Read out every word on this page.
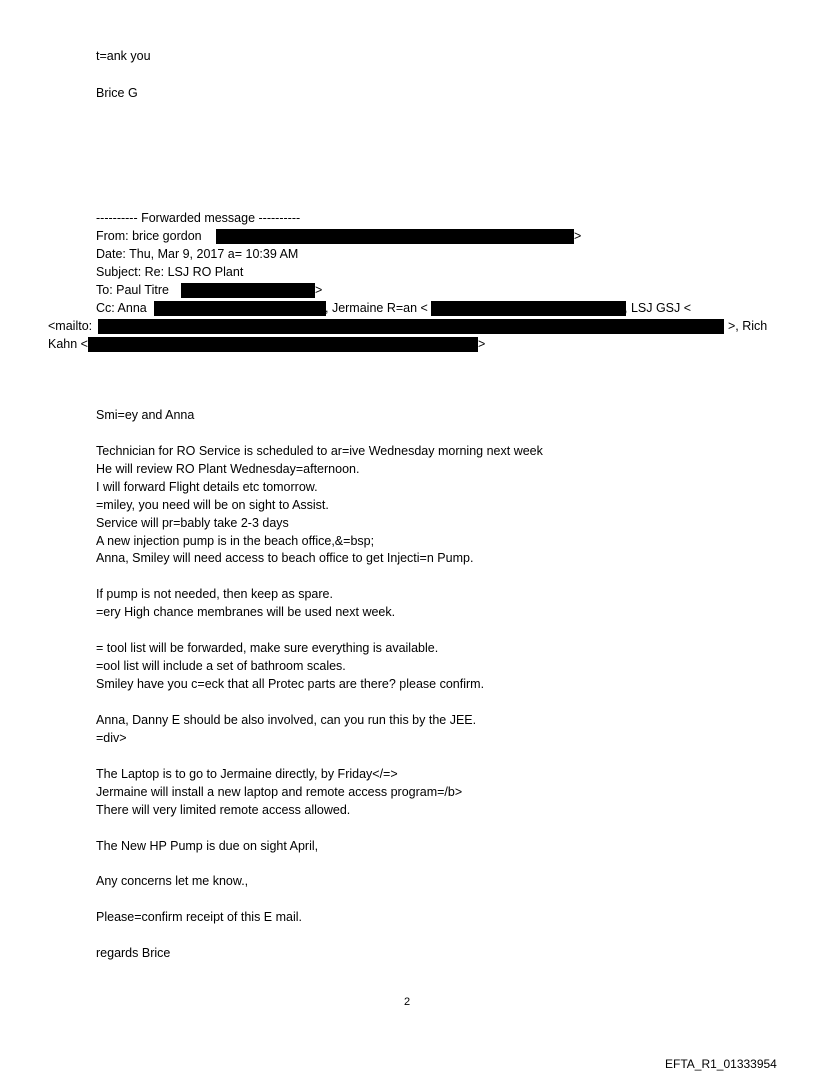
t=ank you
Brice G
---------- Forwarded message ----------
From: brice gordon	>
Date: Thu, Mar 9, 2017 a= 10:39 AM
Subject: Re: LSJ RO Plant
To: Paul Titre	>
Cc: Anna	, Jermaine R=an <	, LSJ GSJ <
<mailto:	>, Rich
Kahn <	>
Smi=ey and Anna
Technician for RO Service is scheduled to ar=ive Wednesday morning next week
He will review RO Plant Wednesday=afternoon.
I will forward Flight details etc tomorrow.
=miley, you need will be on sight to Assist.
Service will pr=bably take 2-3 days
A new injection pump is in the beach office,&=bsp;
Anna, Smiley will need access to beach office to get Injecti=n Pump.
If pump is not needed, then keep as spare.
=ery High chance membranes will be used next week.
= tool list will be forwarded, make sure everything is available.
=ool list will include a set of bathroom scales.
Smiley have you c=eck that all Protec parts are there? please confirm.
Anna, Danny E should be also involved, can you run this by the JEE.
=div>
The Laptop is to go to Jermaine directly, by Friday</=>
Jermaine will install a new laptop and remote access program=/b>
There will very limited remote access allowed.
The New HP Pump is due on sight April,
Any concerns let me know.,
Please=confirm receipt of this E mail.
regards Brice
2
EFTA_R1_01333954
